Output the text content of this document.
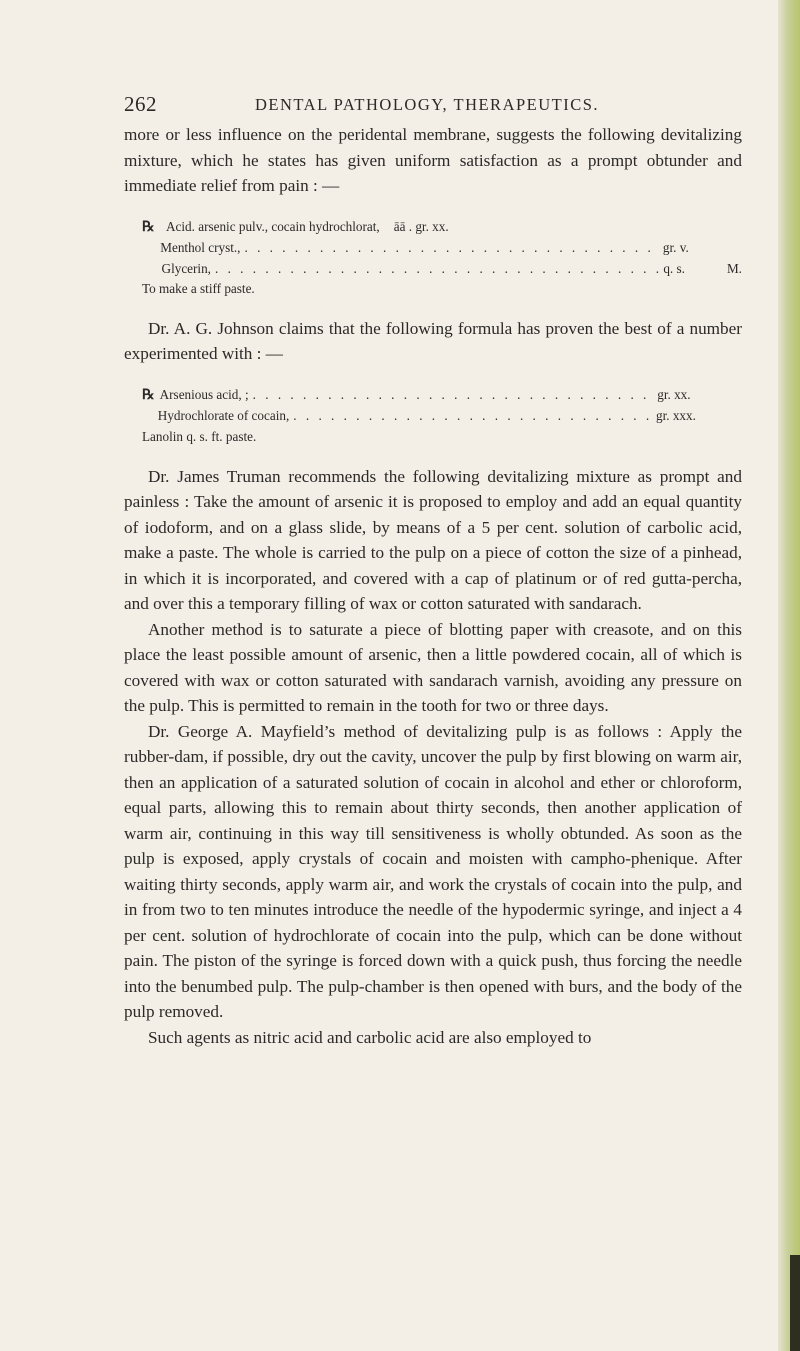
262	DENTAL PATHOLOGY, THERAPEUTICS.

more or less influence on the peridental membrane, suggests the following devitalizing mixture, which he states has given uniform satisfaction as a prompt obtunder and immediate relief from pain : —

℞ Acid. arsenic pulv., cocain hydrochlorat,	āā . gr. xx.
Menthol cryst., . . .	gr. v.
Glycerin, . . .	q. s.	M.
To make a stiff paste.

Dr. A. G. Johnson claims that the following formula has proven the best of a number experimented with : —

℞ Arsenious acid, ; . . .	gr. xx.
Hydrochlorate of cocain, . . .	gr. xxx.
Lanolin q. s. ft. paste.

Dr. James Truman recommends the following devitalizing mixture as prompt and painless : Take the amount of arsenic it is proposed to employ and add an equal quantity of iodoform, and on a glass slide, by means of a 5 per cent. solution of carbolic acid, make a paste. The whole is carried to the pulp on a piece of cotton the size of a pinhead, in which it is incorporated, and covered with a cap of platinum or of red gutta-percha, and over this a temporary filling of wax or cotton saturated with sandarach.

Another method is to saturate a piece of blotting paper with creasote, and on this place the least possible amount of arsenic, then a little powdered cocain, all of which is covered with wax or cotton saturated with sandarach varnish, avoiding any pressure on the pulp. This is permitted to remain in the tooth for two or three days.

Dr. George A. Mayfield’s method of devitalizing pulp is as follows : Apply the rubber-dam, if possible, dry out the cavity, uncover the pulp by first blowing on warm air, then an application of a saturated solution of cocain in alcohol and ether or chloroform, equal parts, allowing this to remain about thirty seconds, then another application of warm air, continuing in this way till sensitiveness is wholly obtunded. As soon as the pulp is exposed, apply crystals of cocain and moisten with campho-phenique. After waiting thirty seconds, apply warm air, and work the crystals of cocain into the pulp, and in from two to ten minutes introduce the needle of the hypodermic syringe, and inject a 4 per cent. solution of hydrochlorate of cocain into the pulp, which can be done without pain. The piston of the syringe is forced down with a quick push, thus forcing the needle into the benumbed pulp. The pulp-chamber is then opened with burs, and the body of the pulp removed.

Such agents as nitric acid and carbolic acid are also employed to
